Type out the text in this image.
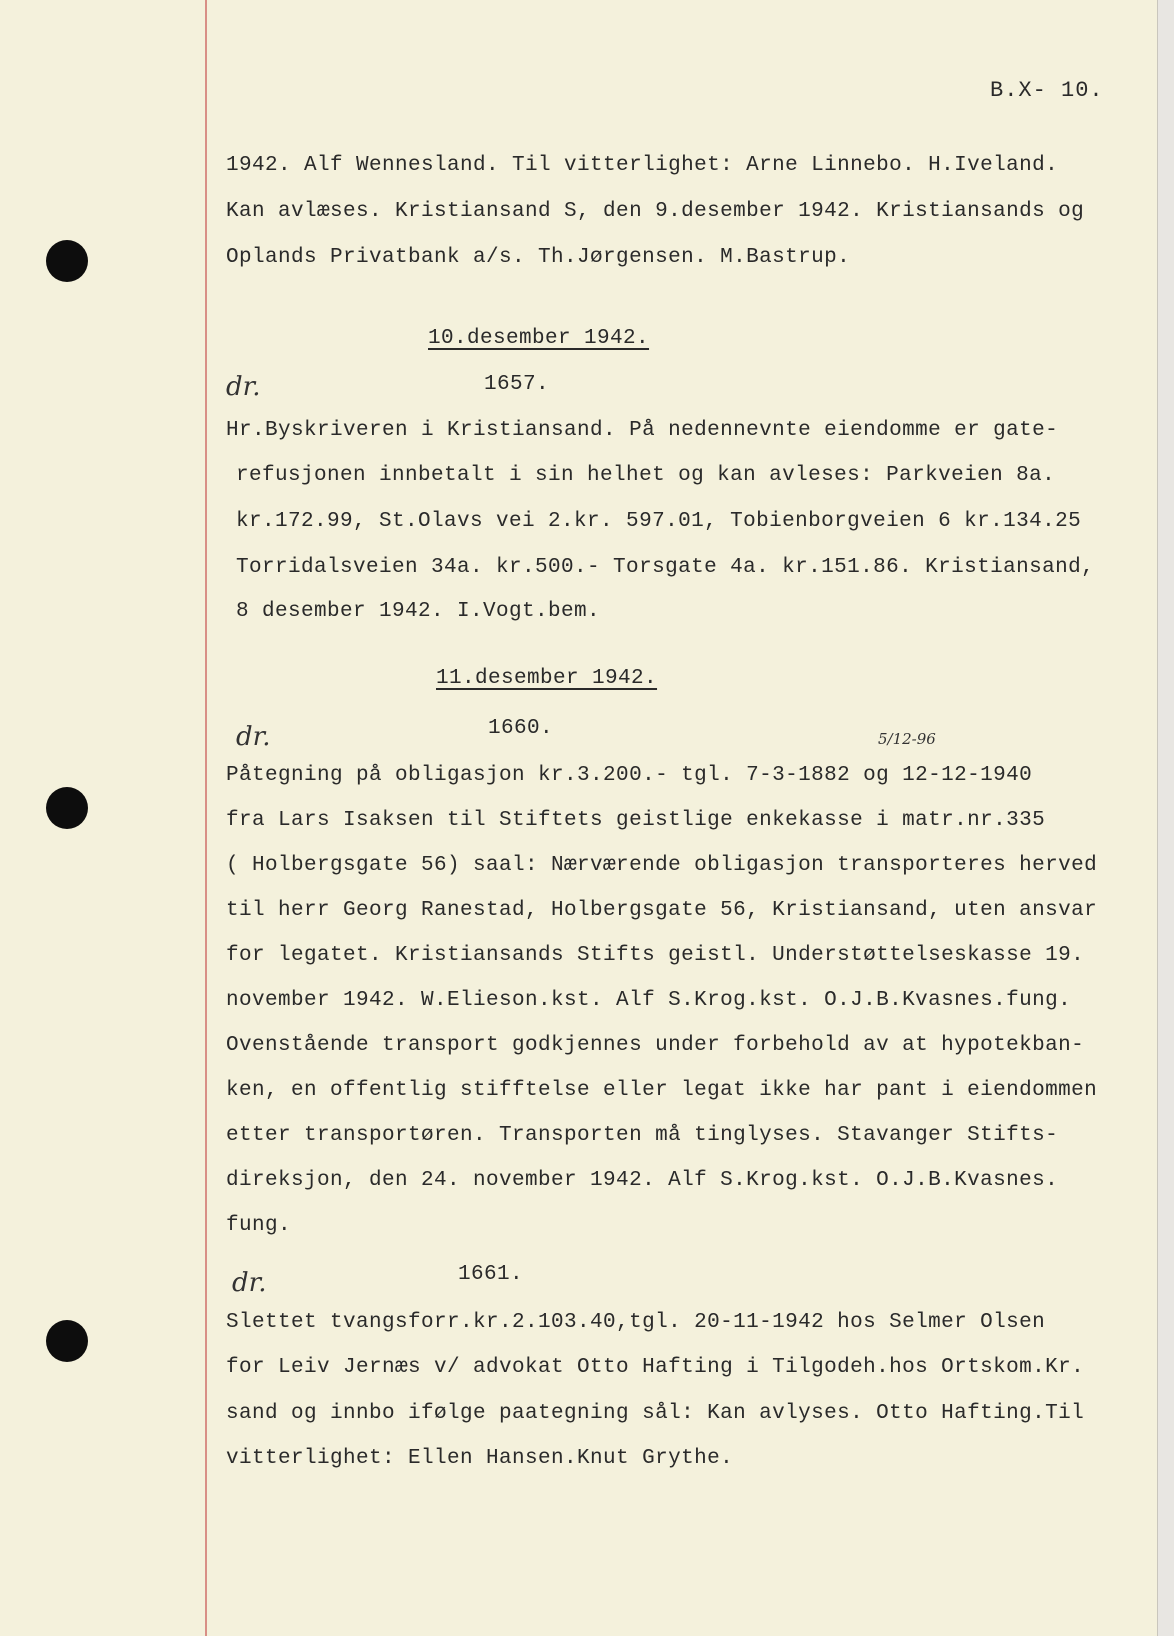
B.X- 10.
1942. Alf Wennesland. Til vitterlighet: Arne Linnebo. H.Iveland.
Kan avlæses. Kristiansand S, den 9.desember 1942. Kristiansands og
Oplands Privatbank a/s. Th.Jørgensen. M.Bastrup.
10.desember 1942.
dr.	1657.
Hr.Byskriveren i Kristiansand. På nedennevnte eiendomme er gate-
refusjonen innbetalt i sin helhet og kan avleses: Parkveien 8a.
kr.172.99, St.Olavs vei 2.kr. 597.01, Tobienborgveien 6 kr.134.25
Torridalsveien 34a. kr.500.- Torsgate 4a. kr.151.86. Kristiansand,
8 desember 1942. I.Vogt.bem.
11.desember 1942.
dr.	1660.	5/12-96
Påtegning på obligasjon kr.3.200.- tgl. 7-3-1882 og 12-12-1940
fra Lars Isaksen til Stiftets geistlige enkekasse i matr.nr.335
( Holbergsgate 56) saal: Nærværende obligasjon transporteres herved
til herr Georg Ranestad, Holbergsgate 56, Kristiansand, uten ansvar
for legatet. Kristiansands Stifts geistl. Understøttelseskasse 19.
november 1942. W.Elieson.kst. Alf S.Krog.kst. O.J.B.Kvasnes.fung.
Ovenstående transport godkjennes under forbehold av at hypotekban-
ken, en offentlig stifftelse eller legat ikke har pant i eiendommen
etter transportøren. Transporten må tinglyses. Stavanger Stifts-
direksjon, den 24. november 1942. Alf S.Krog.kst. O.J.B.Kvasnes.
fung.
dr.	1661.
Slettet tvangsforr.kr.2.103.40,tgl. 20-11-1942 hos Selmer Olsen
for Leiv Jernæs v/ advokat Otto Hafting i Tilgodeh.hos Ortskom.Kr.
sand og innbo ifølge paategning sål: Kan avlyses. Otto Hafting.Til
vitterlighet: Ellen Hansen.Knut Grythe.
